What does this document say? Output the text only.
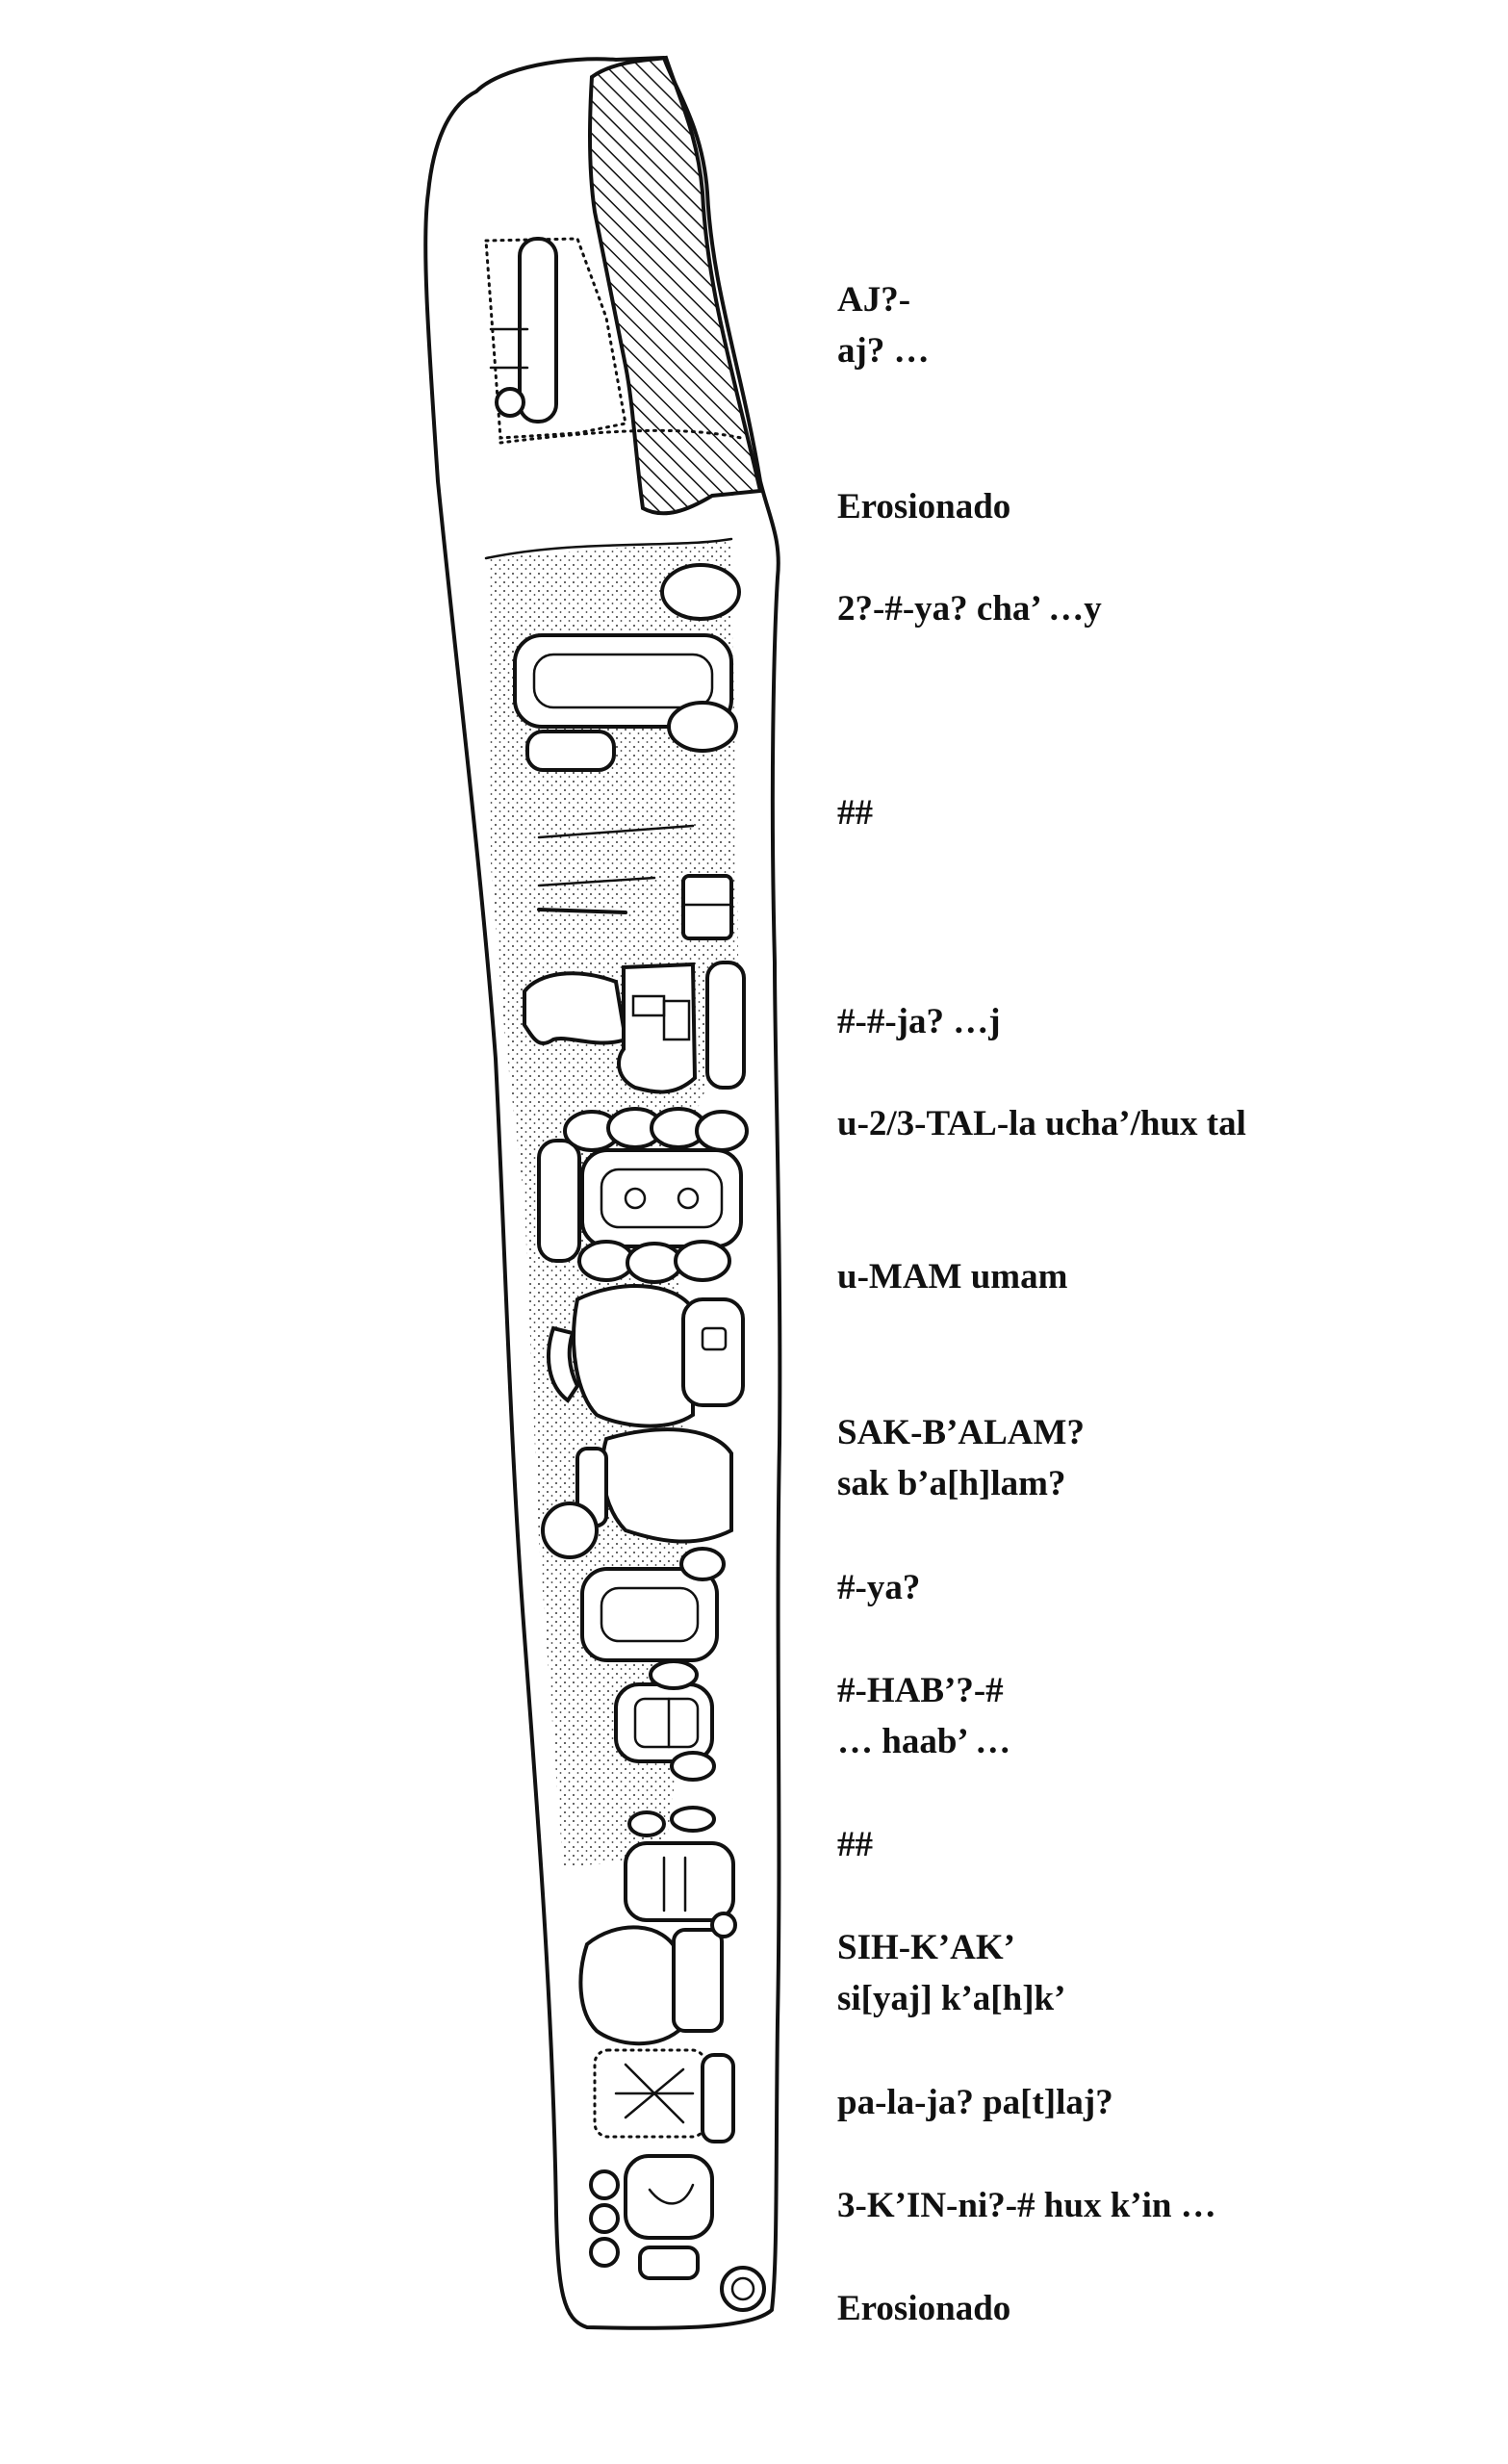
AJ?-
aj? …
Erosionado
2?-#-ya? cha’ …y
##
#-#-ja? …j
u-2/3-TAL-la ucha’/hux tal
u-MAM umam
SAK-B’ALAM?
sak b’a[h]lam?
#-ya?
#-HAB’?-#
… haab’ …
##
SIH-K’AK’
si[yaj] k’a[h]k’
pa-la-ja? pa[t]laj?
3-K’IN-ni?-# hux k’in …
Erosionado
